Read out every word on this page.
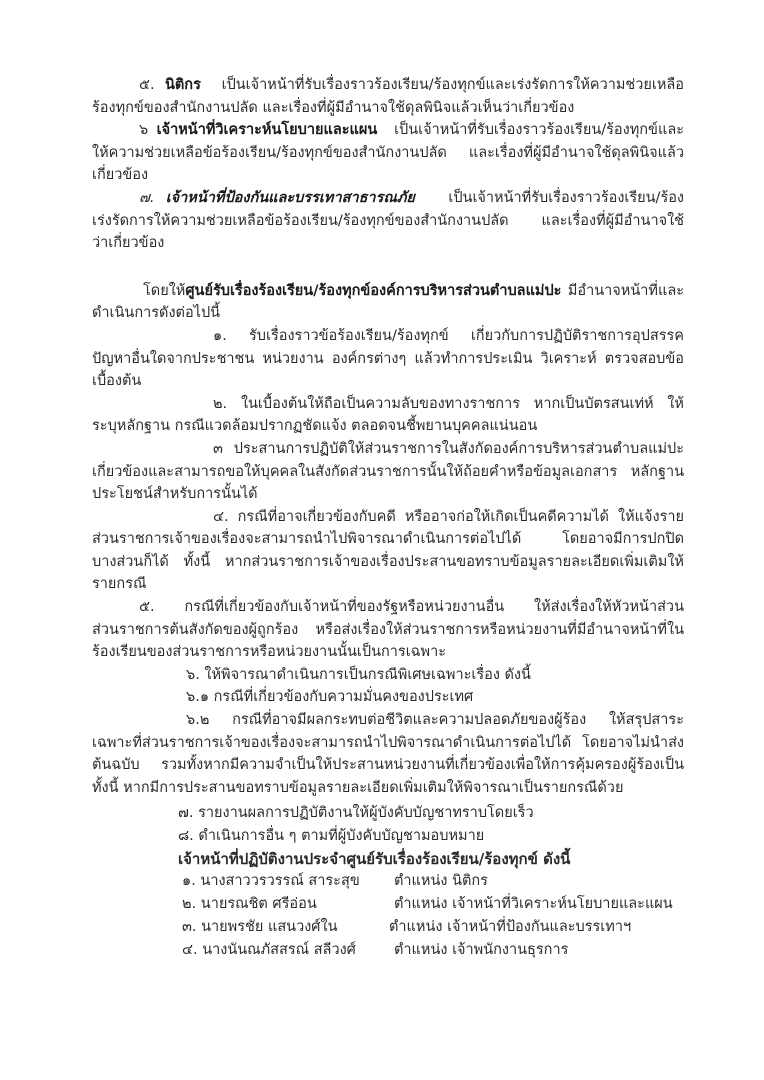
๕. นิติกร เป็นเจ้าหน้าที่รับเรื่องราวร้องเรียน/ร้องทุกข์และเร่งรัดการให้ความช่วยเหลือ
ร้องทุกข์ของสำนักงานปลัด และเรื่องที่ผู้มีอำนาจใช้ดุลพินิจแล้วเห็นว่าเกี่ยวข้อง
๖ เจ้าหน้าที่วิเคราะห์นโยบายและแผน เป็นเจ้าหน้าที่รับเรื่องราวร้องเรียน/ร้องทุกข์และ
ให้ความช่วยเหลือข้อร้องเรียน/ร้องทุกข์ของสำนักงานปลัด และเรื่องที่ผู้มีอำนาจใช้ดุลพินิจแล้ว
เกี่ยวข้อง
๗. เจ้าหน้าที่ป้องกันและบรรเทาสาธารณภัย เป็นเจ้าหน้าที่รับเรื่องราวร้องเรียน/ร้อง
เร่งรัดการให้ความช่วยเหลือข้อร้องเรียน/ร้องทุกข์ของสำนักงานปลัด และเรื่องที่ผู้มีอำนาจใช้
ว่าเกี่ยวข้อง
โดยให้ศูนย์รับเรื่องร้องเรียน/ร้องทุกข์องค์การบริหารส่วนตำบลแม่ปะ มีอำนาจหน้าที่และ
ดำเนินการดังต่อไปนี้
๑. รับเรื่องราวข้อร้องเรียน/ร้องทุกข์ เกี่ยวกับการปฏิบัติราชการอุปสรรค
ปัญหาอื่นใดจากประชาชน หน่วยงาน องค์กรต่างๆ แล้วทำการประเมิน วิเคราะห์ ตรวจสอบข้อ
เบื้องต้น
๒. ในเบื้องต้นให้ถือเป็นความลับของทางราชการ หากเป็นบัตรสนเท่ห์ ให้
ระบุหลักฐาน กรณีแวดล้อมปรากฏชัดแจ้ง ตลอดจนชี้พยานบุคคลแน่นอน
๓ ประสานการปฏิบัติให้ส่วนราชการในสังกัดองค์การบริหารส่วนตำบลแม่ปะ
เกี่ยวข้องและสามารถขอให้บุคคลในสังกัดส่วนราชการนั้นให้ถ้อยคำหรือข้อมูลเอกสาร หลักฐาน
ประโยชน์สำหรับการนั้นได้
๔. กรณีที่อาจเกี่ยวข้องกับคดี หรืออาจก่อให้เกิดเป็นคดีความได้ ให้แจ้งราย
ส่วนราชการเจ้าของเรื่องจะสามารถนำไปพิจารณาดำเนินการต่อไปได้ โดยอาจมีการปกปิด
บางส่วนก็ได้ ทั้งนี้ หากส่วนราชการเจ้าของเรื่องประสานขอทราบข้อมูลรายละเอียดเพิ่มเติมให้
รายกรณี
๕. กรณีที่เกี่ยวข้องกับเจ้าหน้าที่ของรัฐหรือหน่วยงานอื่น ให้ส่งเรื่องให้หัวหน้าส่วน
ส่วนราชการต้นสังกัดของผู้ถูกร้อง หรือส่งเรื่องให้ส่วนราชการหรือหน่วยงานที่มีอำนาจหน้าที่ใน
ร้องเรียนของส่วนราชการหรือหน่วยงานนั้นเป็นการเฉพาะ
๖. ให้พิจารณาดำเนินการเป็นกรณีพิเศษเฉพาะเรื่อง ดังนี้
๖.๑ กรณีที่เกี่ยวข้องกับความมั่นคงของประเทศ
๖.๒ กรณีที่อาจมีผลกระทบต่อชีวิตและความปลอดภัยของผู้ร้อง ให้สรุปสาระ
เฉพาะที่ส่วนราชการเจ้าของเรื่องจะสามารถนำไปพิจารณาดำเนินการต่อไปได้ โดยอาจไม่นำส่ง
ต้นฉบับ รวมทั้งหากมีความจำเป็นให้ประสานหน่วยงานที่เกี่ยวข้องเพื่อให้การคุ้มครองผู้ร้องเป็น
ทั้งนี้ หากมีการประสานขอทราบข้อมูลรายละเอียดเพิ่มเติมให้พิจารณาเป็นรายกรณีด้วย
๗. รายงานผลการปฏิบัติงานให้ผู้บังคับบัญชาทราบโดยเร็ว
๘. ดำเนินการอื่น ๆ ตามที่ผู้บังคับบัญชามอบหมาย
เจ้าหน้าที่ปฏิบัติงานประจำศูนย์รับเรื่องร้องเรียน/ร้องทุกข์ ดังนี้
๑. นางสาววรวรรณ์ สาระสุข	ตำแหน่ง นิติกร
๒. นายรณชิต ศรีอ่อน	ตำแหน่ง เจ้าหน้าที่วิเคราะห์นโยบายและแผน
๓. นายพรชัย แสนวงศ์ใน	ตำแหน่ง เจ้าหน้าที่ป้องกันและบรรเทาฯ
๔. นางนันณภัสสรณ์ สลีวงศ์	ตำแหน่ง เจ้าพนักงานธุรการ
